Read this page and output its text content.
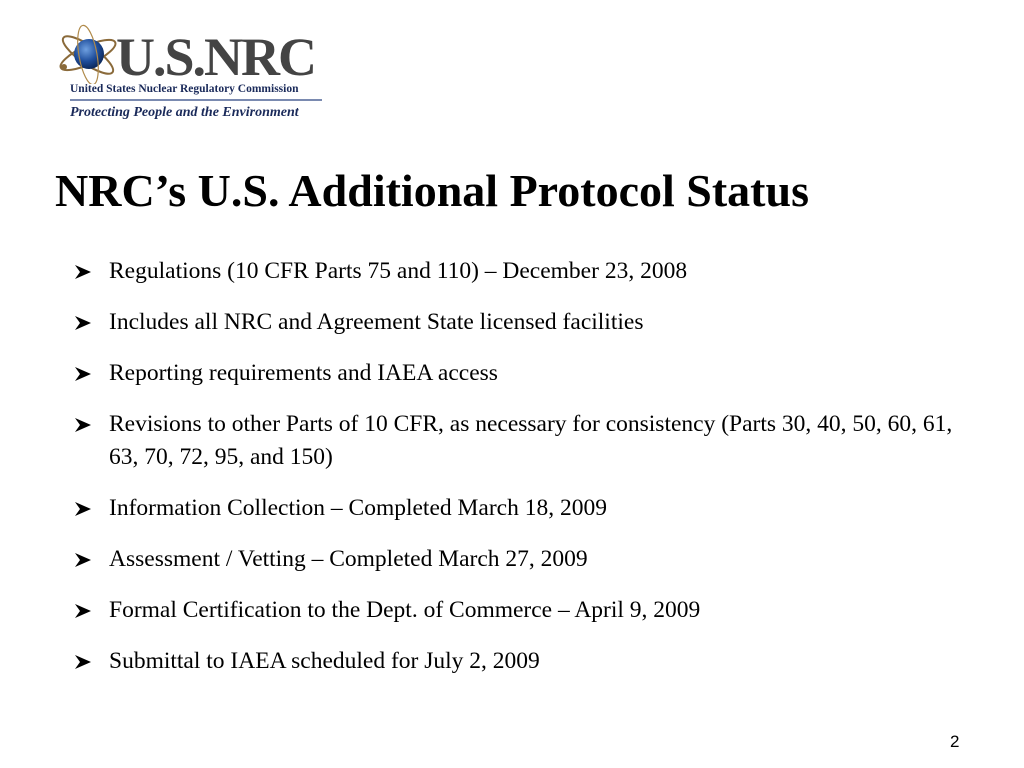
U.S.NRC
United States Nuclear Regulatory Commission
Protecting People and the Environment
NRC’s U.S. Additional Protocol Status
Regulations (10 CFR Parts 75 and 110) – December 23, 2008
Includes all NRC and Agreement State licensed facilities
Reporting requirements and IAEA access
Revisions to other Parts of 10 CFR, as necessary for consistency (Parts 30, 40, 50, 60, 61, 63, 70, 72, 95, and 150)
Information Collection – Completed March 18, 2009
Assessment / Vetting – Completed March 27, 2009
Formal Certification to the Dept. of Commerce – April 9, 2009
Submittal to IAEA scheduled for July 2, 2009
2
